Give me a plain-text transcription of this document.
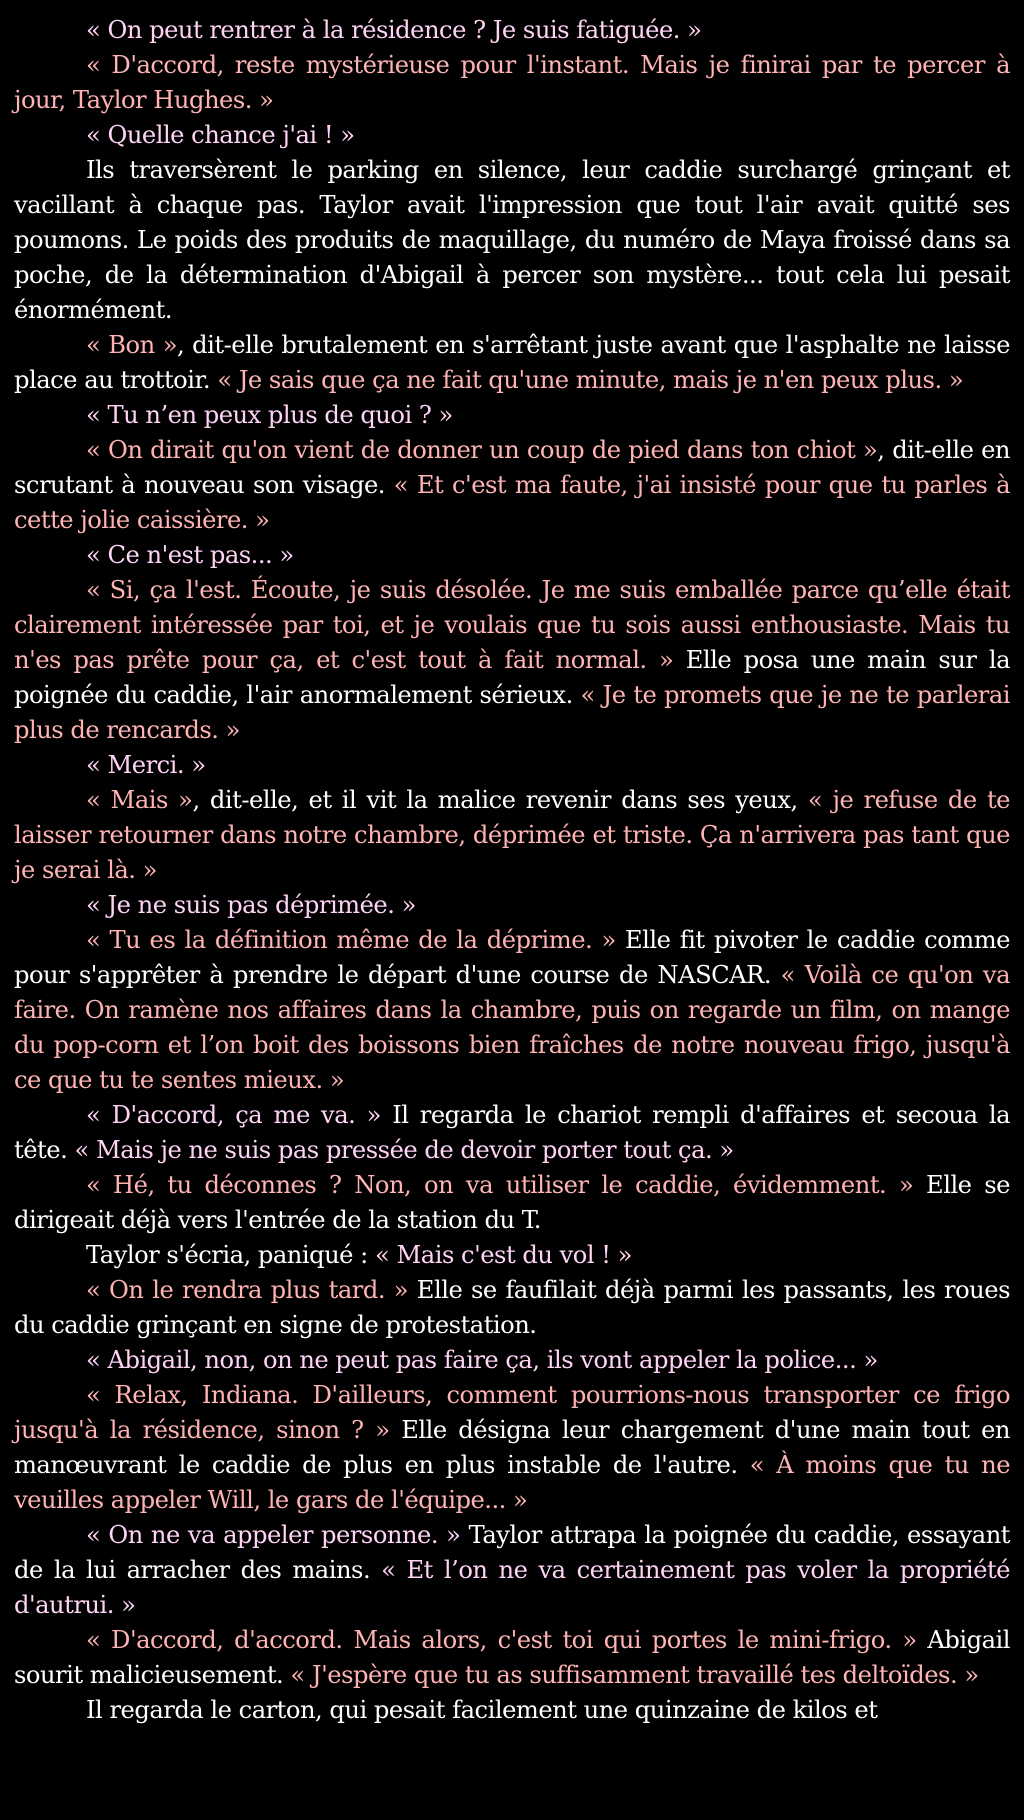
« On peut rentrer à la résidence ? Je suis fatiguée. »

« D'accord, reste mystérieuse pour l'instant. Mais je finirai par te percer à jour, Taylor Hughes. »

« Quelle chance j'ai ! »

Ils traversèrent le parking en silence, leur caddie surchargé grinçant et vacillant à chaque pas. Taylor avait l'impression que tout l'air avait quitté ses poumons. Le poids des produits de maquillage, du numéro de Maya froissé dans sa poche, de la détermination d'Abigail à percer son mystère... tout cela lui pesait énormément.

« Bon », dit-elle brutalement en s'arrêtant juste avant que l'asphalte ne laisse place au trottoir. « Je sais que ça ne fait qu'une minute, mais je n'en peux plus. »

« Tu n’en peux plus de quoi ? »

« On dirait qu'on vient de donner un coup de pied dans ton chiot », dit-elle en scrutant à nouveau son visage. « Et c'est ma faute, j'ai insisté pour que tu parles à cette jolie caissière. »

« Ce n'est pas... »

« Si, ça l'est. Écoute, je suis désolée. Je me suis emballée parce qu’elle était clairement intéressée par toi, et je voulais que tu sois aussi enthousiaste. Mais tu n'es pas prête pour ça, et c'est tout à fait normal. » Elle posa une main sur la poignée du caddie, l'air anormalement sérieux. « Je te promets que je ne te parlerai plus de rencards. »

« Merci. »

« Mais », dit-elle, et il vit la malice revenir dans ses yeux, « je refuse de te laisser retourner dans notre chambre, déprimée et triste. Ça n'arrivera pas tant que je serai là. »

« Je ne suis pas déprimée. »

« Tu es la définition même de la déprime. » Elle fit pivoter le caddie comme pour s'apprêter à prendre le départ d'une course de NASCAR. « Voilà ce qu'on va faire. On ramène nos affaires dans la chambre, puis on regarde un film, on mange du pop-corn et l’on boit des boissons bien fraîches de notre nouveau frigo, jusqu'à ce que tu te sentes mieux. »

« D'accord, ça me va. » Il regarda le chariot rempli d'affaires et secoua la tête. « Mais je ne suis pas pressée de devoir porter tout ça. »

« Hé, tu déconnes ? Non, on va utiliser le caddie, évidemment. » Elle se dirigeait déjà vers l'entrée de la station du T.

Taylor s'écria, paniqué : « Mais c'est du vol ! »

« On le rendra plus tard. » Elle se faufilait déjà parmi les passants, les roues du caddie grinçant en signe de protestation.

« Abigail, non, on ne peut pas faire ça, ils vont appeler la police... »

« Relax, Indiana. D'ailleurs, comment pourrions-nous transporter ce frigo jusqu'à la résidence, sinon ? » Elle désigna leur chargement d'une main tout en manœuvrant le caddie de plus en plus instable de l'autre. « À moins que tu ne veuilles appeler Will, le gars de l'équipe... »

« On ne va appeler personne. » Taylor attrapa la poignée du caddie, essayant de la lui arracher des mains. « Et l’on ne va certainement pas voler la propriété d'autrui. »

« D'accord, d'accord. Mais alors, c'est toi qui portes le mini-frigo. » Abigail sourit malicieusement. « J'espère que tu as suffisamment travaillé tes deltoïdes. »

Il regarda le carton, qui pesait facilement une quinzaine de kilos et
